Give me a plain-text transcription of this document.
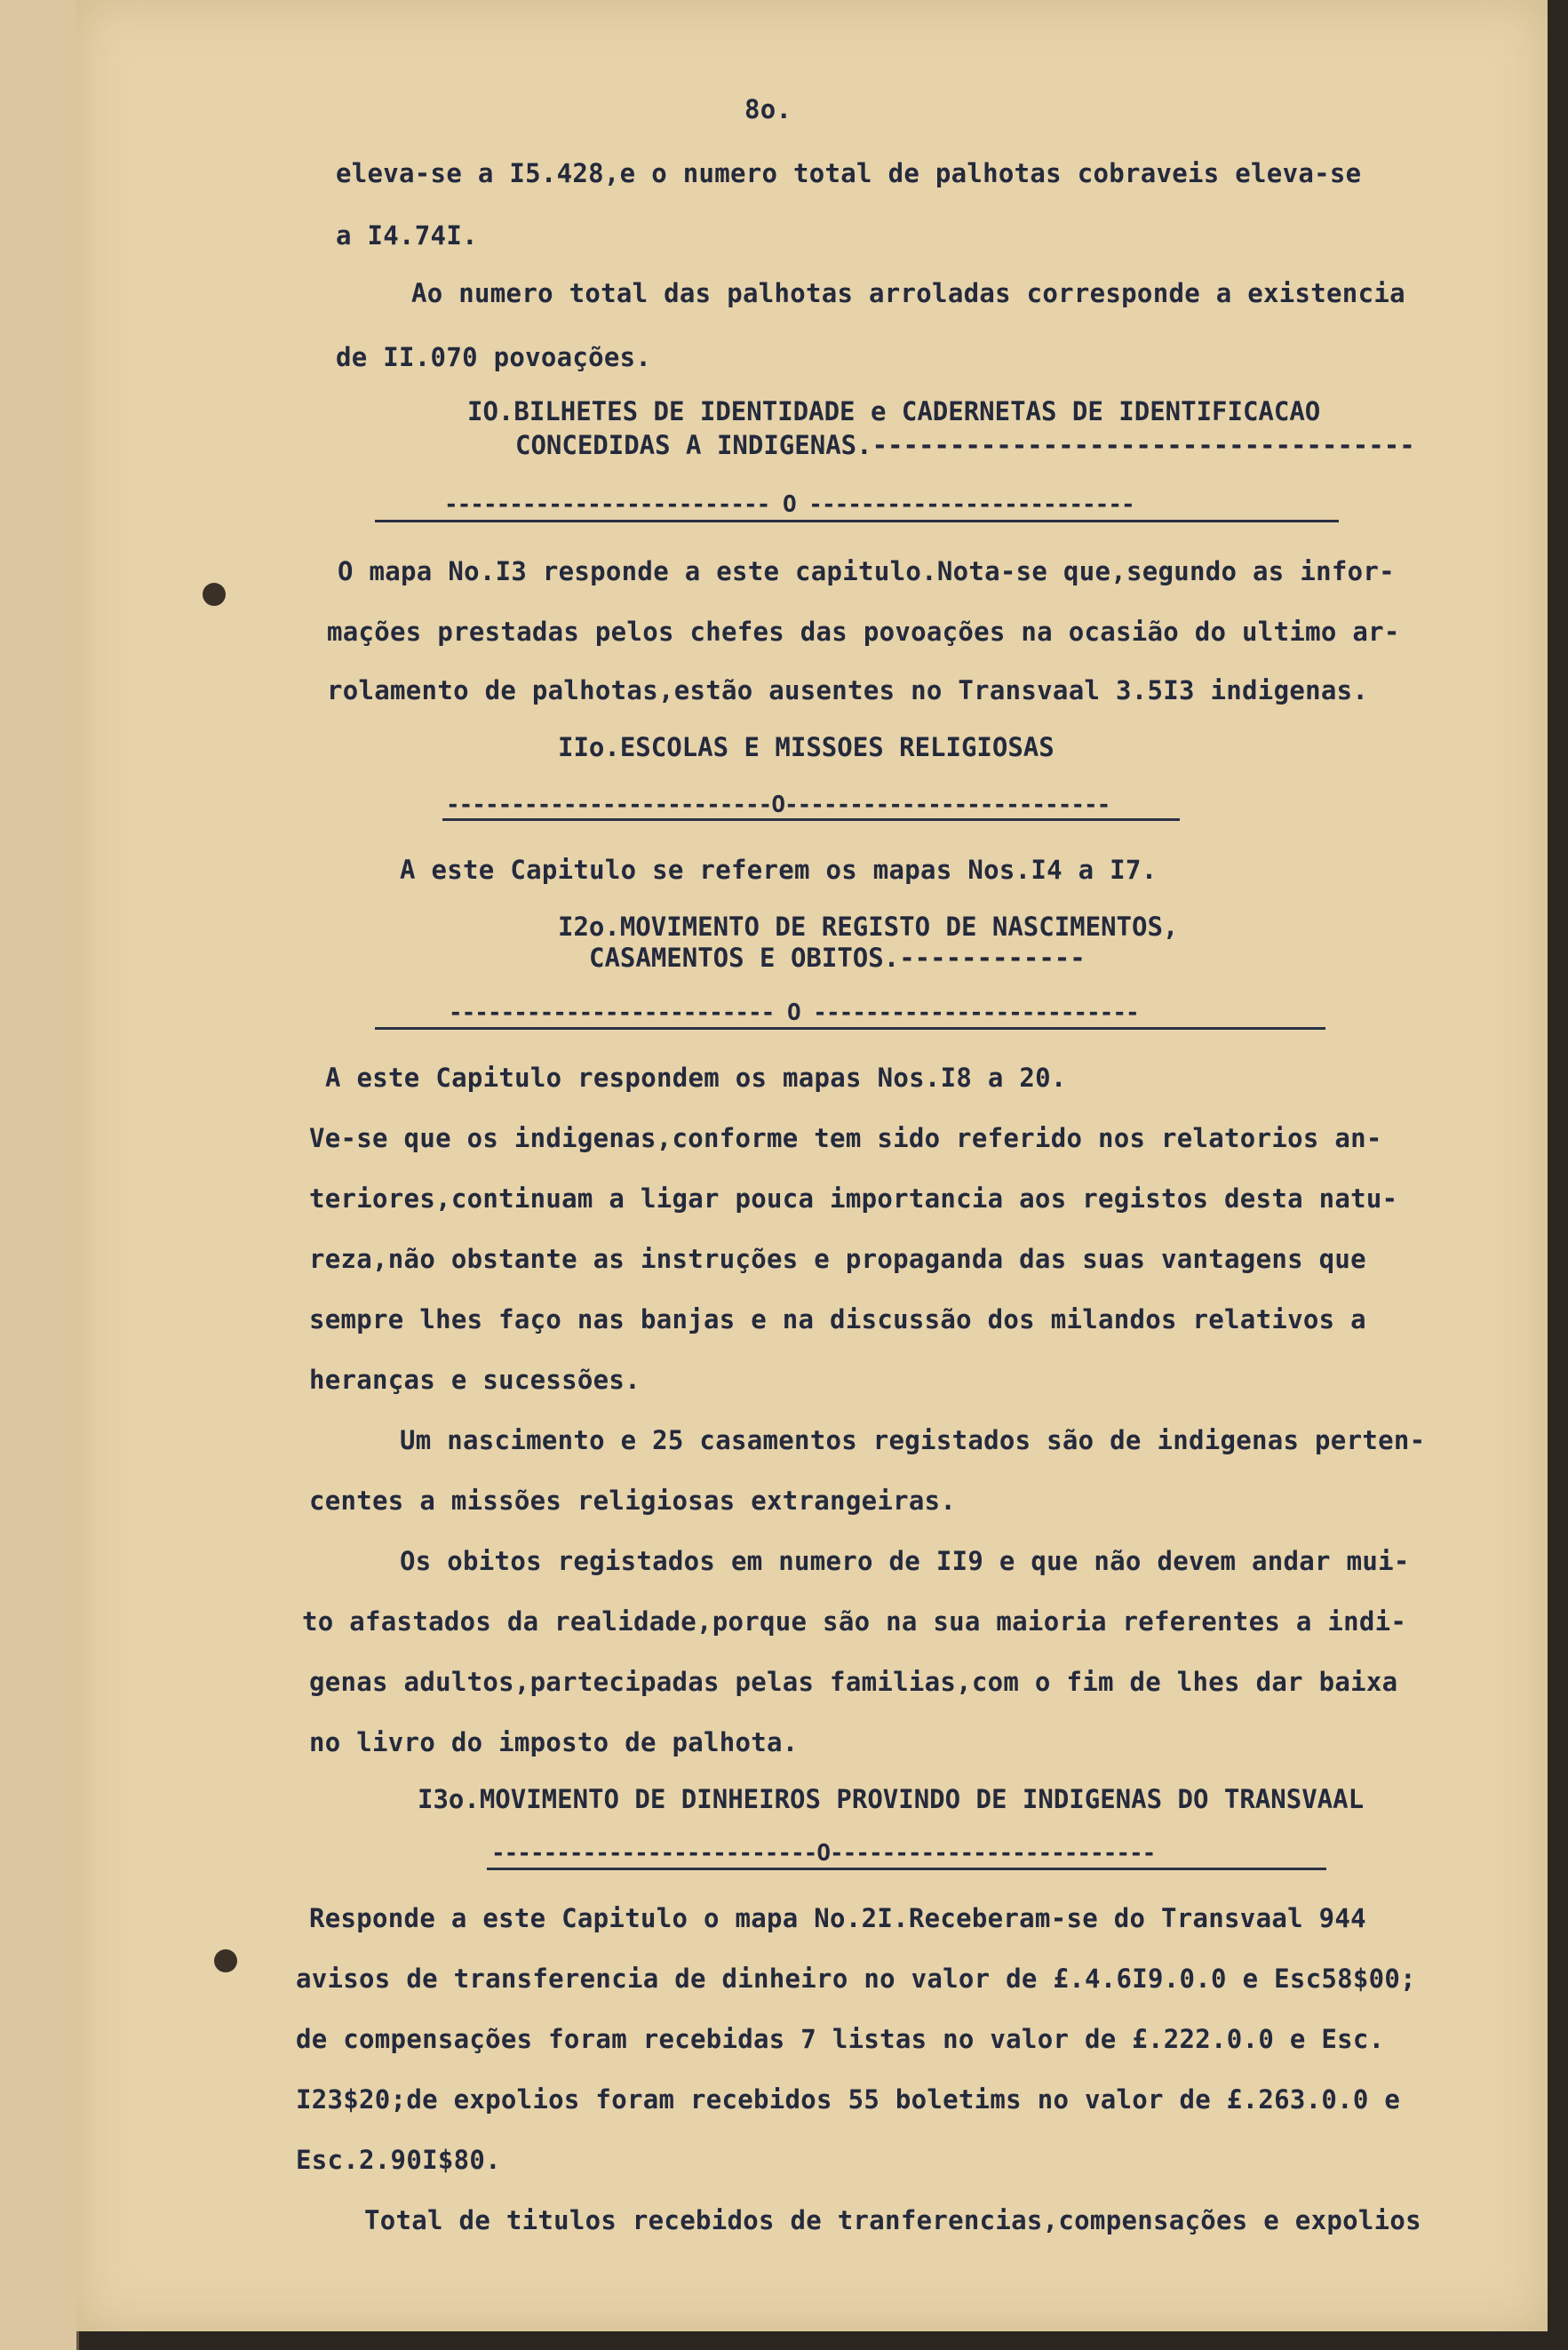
8o.
eleva-se a I5.428,e o numero total de palhotas cobraveis eleva-se
a I4.74I.
Ao numero total das palhotas arroladas corresponde a existencia
de II.070 povoações.
IO.BILHETES DE IDENTIDADE e CADERNETAS DE IDENTIFICACAO
CONCEDIDAS A INDIGENAS.-----------------------------------
------------------------- O -------------------------
O mapa No.I3 responde a este capitulo.Nota-se que,segundo as infor-
mações prestadas pelos chefes das povoações na ocasião do ultimo ar-
rolamento de palhotas,estão ausentes no Transvaal 3.5I3 indigenas.
IIo.ESCOLAS E MISSOES RELIGIOSAS
-------------------------O-------------------------
A este Capitulo se referem os mapas Nos.I4 a I7.
I2o.MOVIMENTO DE REGISTO DE NASCIMENTOS,
CASAMENTOS E OBITOS.------------
------------------------- O -------------------------
A este Capitulo respondem os mapas Nos.I8 a 20.
Ve-se que os indigenas,conforme tem sido referido nos relatorios an-
teriores,continuam a ligar pouca importancia aos registos desta natu-
reza,não obstante as instruções e propaganda das suas vantagens que
sempre lhes faço nas banjas e na discussão dos milandos relativos a
heranças e sucessões.
Um nascimento e 25 casamentos registados são de indigenas perten-
centes a missões religiosas extrangeiras.
Os obitos registados em numero de II9 e que não devem andar mui-
to afastados da realidade,porque são na sua maioria referentes a indi-
genas adultos,partecipadas pelas familias,com o fim de lhes dar baixa
no livro do imposto de palhota.
I3o.MOVIMENTO DE DINHEIROS PROVINDO DE INDIGENAS DO TRANSVAAL
-------------------------O-------------------------
Responde a este Capitulo o mapa No.2I.Receberam-se do Transvaal 944
avisos de transferencia de dinheiro no valor de £.4.6I9.0.0 e Esc58$00;
de compensações foram recebidas 7 listas no valor de £.222.0.0 e Esc.
I23$20;de expolios foram recebidos 55 boletims no valor de £.263.0.0 e
Esc.2.90I$80.
Total de titulos recebidos de tranferencias,compensações e expolios
